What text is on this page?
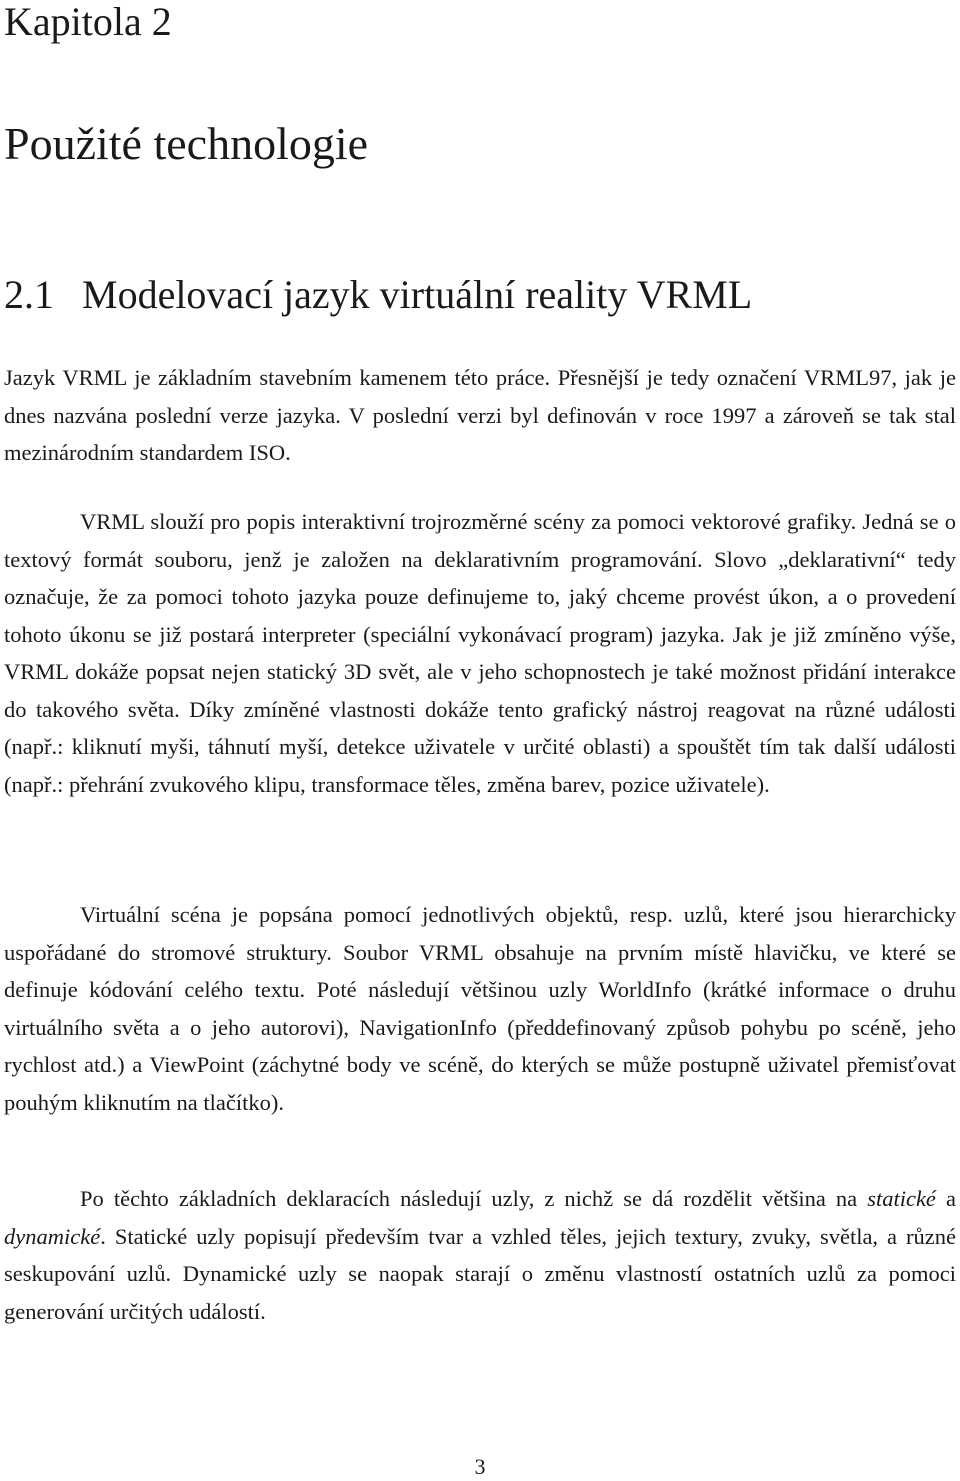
Kapitola 2
Použité technologie
2.1 Modelovací jazyk virtuální reality VRML

Jazyk VRML je základním stavebním kamenem této práce. Přesnější je tedy označení VRML97, jak je dnes nazvána poslední verze jazyka. V poslední verzi byl definován v roce 1997 a zároveň se tak stal mezinárodním standardem ISO.

VRML slouží pro popis interaktivní trojrozměrné scény za pomoci vektorové grafiky. Jedná se o textový formát souboru, jenž je založen na deklarativním programování. Slovo „deklarativní“ tedy označuje, že za pomoci tohoto jazyka pouze definujeme to, jaký chceme provést úkon, a o provedení tohoto úkonu se již postará interpreter (speciální vykonávací program) jazyka. Jak je již zmíněno výše, VRML dokáže popsat nejen statický 3D svět, ale v jeho schopnostech je také možnost přidání interakce do takového světa. Díky zmíněné vlastnosti dokáže tento grafický nástroj reagovat na různé události (např.: kliknutí myši, táhnutí myší, detekce uživatele v určité oblasti) a spouštět tím tak další události (např.: přehrání zvukového klipu, transformace těles, změna barev, pozice uživatele).

Virtuální scéna je popsána pomocí jednotlivých objektů, resp. uzlů, které jsou hierarchicky uspořádané do stromové struktury. Soubor VRML obsahuje na prvním místě hlavičku, ve které se definuje kódování celého textu. Poté následují většinou uzly WorldInfo (krátké informace o druhu virtuálního světa a o jeho autorovi), NavigationInfo (předdefinovaný způsob pohybu po scéně, jeho rychlost atd.) a ViewPoint (záchytné body ve scéně, do kterých se může postupně uživatel přemisťovat pouhým kliknutím na tlačítko).

Po těchto základních deklaracích následují uzly, z nichž se dá rozdělit většina na statické a dynamické. Statické uzly popisují především tvar a vzhled těles, jejich textury, zvuky, světla, a různé seskupování uzlů. Dynamické uzly se naopak starají o změnu vlastností ostatních uzlů za pomoci generování určitých událostí.

3
